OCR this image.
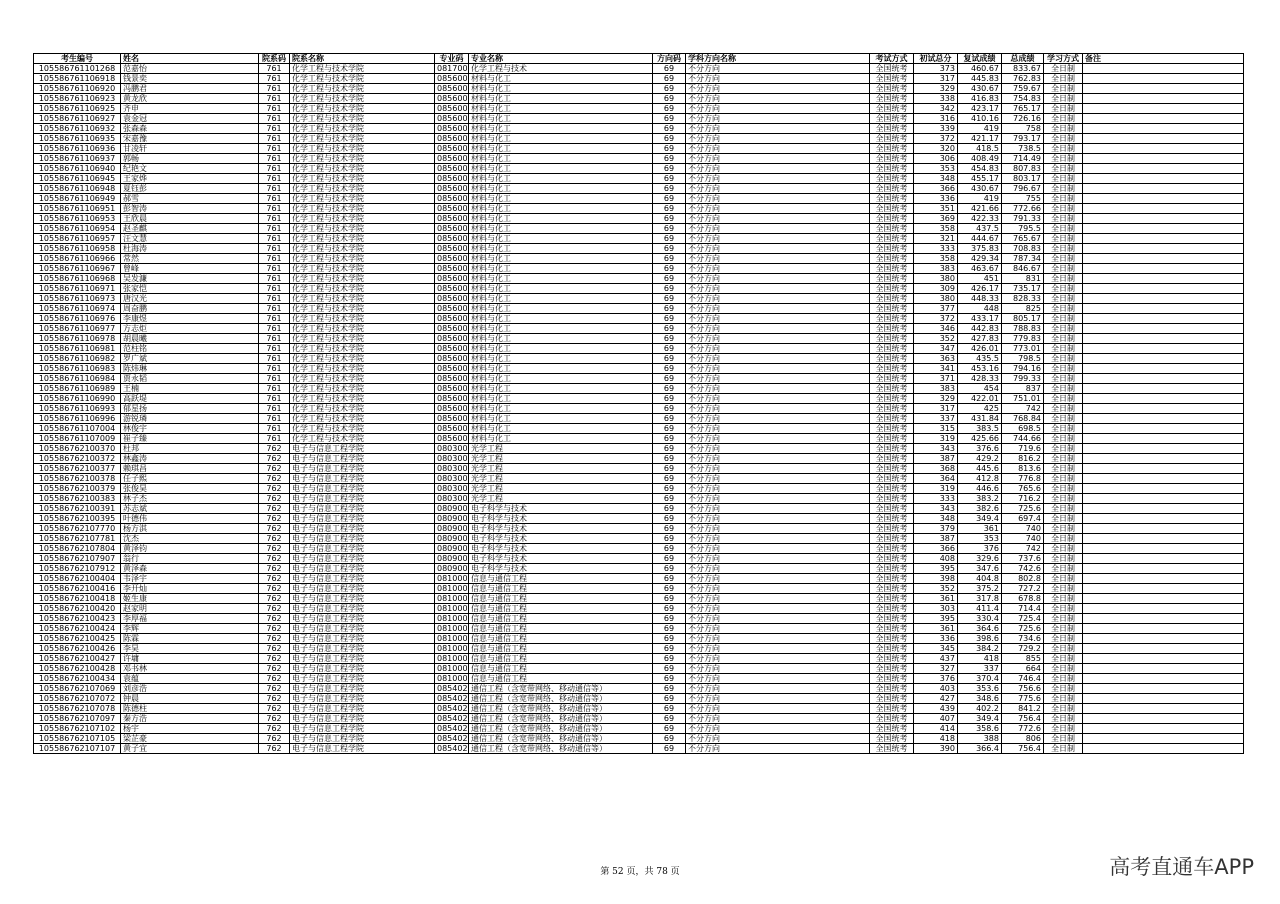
考生编号	姓名	院系码	院系名称	专业码	专业名称	方向码	学科方向名称	考试方式	初试总分	复试成绩	总成绩	学习方式	备注
105586761101268	范嘉怡	761	化学工程与技术学院	081700	化学工程与技术	69	不分方向	全国统考	373	460.67	833.67	全日制	
105586761106918	钱景奕	761	化学工程与技术学院	085600	材料与化工	69	不分方向	全国统考	317	445.83	762.83	全日制	
105586761106920	冯鹏君	761	化学工程与技术学院	085600	材料与化工	69	不分方向	全国统考	329	430.67	759.67	全日制	
105586761106923	黄龙欣	761	化学工程与技术学院	085600	材料与化工	69	不分方向	全国统考	338	416.83	754.83	全日制	
105586761106925	齐申	761	化学工程与技术学院	085600	材料与化工	69	不分方向	全国统考	342	423.17	765.17	全日制	
105586761106927	袁金冠	761	化学工程与技术学院	085600	材料与化工	69	不分方向	全国统考	316	410.16	726.16	全日制	
105586761106932	张森森	761	化学工程与技术学院	085600	材料与化工	69	不分方向	全国统考	339	419	758	全日制	
105586761106935	宋嘉豫	761	化学工程与技术学院	085600	材料与化工	69	不分方向	全国统考	372	421.17	793.17	全日制	
105586761106936	甘凌轩	761	化学工程与技术学院	085600	材料与化工	69	不分方向	全国统考	320	418.5	738.5	全日制	
105586761106937	郭畅	761	化学工程与技术学院	085600	材料与化工	69	不分方向	全国统考	306	408.49	714.49	全日制	
105586761106940	纪艳文	761	化学工程与技术学院	085600	材料与化工	69	不分方向	全国统考	353	454.83	807.83	全日制	
105586761106945	王家烨	761	化学工程与技术学院	085600	材料与化工	69	不分方向	全国统考	348	455.17	803.17	全日制	
105586761106948	夏钰彭	761	化学工程与技术学院	085600	材料与化工	69	不分方向	全国统考	366	430.67	796.67	全日制	
105586761106949	郝雪	761	化学工程与技术学院	085600	材料与化工	69	不分方向	全国统考	336	419	755	全日制	
105586761106951	彭智涛	761	化学工程与技术学院	085600	材料与化工	69	不分方向	全国统考	351	421.66	772.66	全日制	
105586761106953	王欣晨	761	化学工程与技术学院	085600	材料与化工	69	不分方向	全国统考	369	422.33	791.33	全日制	
105586761106954	赵圣麒	761	化学工程与技术学院	085600	材料与化工	69	不分方向	全国统考	358	437.5	795.5	全日制	
105586761106957	汪文慧	761	化学工程与技术学院	085600	材料与化工	69	不分方向	全国统考	321	444.67	765.67	全日制	
105586761106958	杜海涛	761	化学工程与技术学院	085600	材料与化工	69	不分方向	全国统考	333	375.83	708.83	全日制	
105586761106966	常然	761	化学工程与技术学院	085600	材料与化工	69	不分方向	全国统考	358	429.34	787.34	全日制	
105586761106967	曾峰	761	化学工程与技术学院	085600	材料与化工	69	不分方向	全国统考	383	463.67	846.67	全日制	
105586761106968	吴发濂	761	化学工程与技术学院	085600	材料与化工	69	不分方向	全国统考	380	451	831	全日制	
105586761106971	张家恺	761	化学工程与技术学院	085600	材料与化工	69	不分方向	全国统考	309	426.17	735.17	全日制	
105586761106973	唐汉光	761	化学工程与技术学院	085600	材料与化工	69	不分方向	全国统考	380	448.33	828.33	全日制	
105586761106974	周奋鹏	761	化学工程与技术学院	085600	材料与化工	69	不分方向	全国统考	377	448	825	全日制	
105586761106976	李康煜	761	化学工程与技术学院	085600	材料与化工	69	不分方向	全国统考	372	433.17	805.17	全日制	
105586761106977	方志炬	761	化学工程与技术学院	085600	材料与化工	69	不分方向	全国统考	346	442.83	788.83	全日制	
105586761106978	胡晨曦	761	化学工程与技术学院	085600	材料与化工	69	不分方向	全国统考	352	427.83	779.83	全日制	
105586761106981	范柱铭	761	化学工程与技术学院	085600	材料与化工	69	不分方向	全国统考	347	426.01	773.01	全日制	
105586761106982	罗广斌	761	化学工程与技术学院	085600	材料与化工	69	不分方向	全国统考	363	435.5	798.5	全日制	
105586761106983	陈炜琳	761	化学工程与技术学院	085600	材料与化工	69	不分方向	全国统考	341	453.16	794.16	全日制	
105586761106984	贾永韬	761	化学工程与技术学院	085600	材料与化工	69	不分方向	全国统考	371	428.33	799.33	全日制	
105586761106989	王楠	761	化学工程与技术学院	085600	材料与化工	69	不分方向	全国统考	383	454	837	全日制	
105586761106990	高跃堤	761	化学工程与技术学院	085600	材料与化工	69	不分方向	全国统考	329	422.01	751.01	全日制	
105586761106993	郁星扬	761	化学工程与技术学院	085600	材料与化工	69	不分方向	全国统考	317	425	742	全日制	
105586761106996	游锐璘	761	化学工程与技术学院	085600	材料与化工	69	不分方向	全国统考	337	431.84	768.84	全日制	
105586761107004	林俊宇	761	化学工程与技术学院	085600	材料与化工	69	不分方向	全国统考	315	383.5	698.5	全日制	
105586761107009	崔子臻	761	化学工程与技术学院	085600	材料与化工	69	不分方向	全国统考	319	425.66	744.66	全日制	
105586762100370	杜邦	762	电子与信息工程学院	080300	光学工程	69	不分方向	全国统考	343	376.6	719.6	全日制	
105586762100372	林鑫涛	762	电子与信息工程学院	080300	光学工程	69	不分方向	全国统考	387	429.2	816.2	全日制	
105586762100377	赖琪昌	762	电子与信息工程学院	080300	光学工程	69	不分方向	全国统考	368	445.6	813.6	全日制	
105586762100378	任子熙	762	电子与信息工程学院	080300	光学工程	69	不分方向	全国统考	364	412.8	776.8	全日制	
105586762100379	张俊昊	762	电子与信息工程学院	080300	光学工程	69	不分方向	全国统考	319	446.6	765.6	全日制	
105586762100383	林子杰	762	电子与信息工程学院	080300	光学工程	69	不分方向	全国统考	333	383.2	716.2	全日制	
105586762100391	苏志斌	762	电子与信息工程学院	080900	电子科学与技术	69	不分方向	全国统考	343	382.6	725.6	全日制	
105586762100395	叶德伟	762	电子与信息工程学院	080900	电子科学与技术	69	不分方向	全国统考	348	349.4	697.4	全日制	
105586762107770	杨方淇	762	电子与信息工程学院	080900	电子科学与技术	69	不分方向	全国统考	379	361	740	全日制	
105586762107781	沈杰	762	电子与信息工程学院	080900	电子科学与技术	69	不分方向	全国统考	387	353	740	全日制	
105586762107804	黄泽钧	762	电子与信息工程学院	080900	电子科学与技术	69	不分方向	全国统考	366	376	742	全日制	
105586762107907	翁行	762	电子与信息工程学院	080900	电子科学与技术	69	不分方向	全国统考	408	329.6	737.6	全日制	
105586762107912	黄泽森	762	电子与信息工程学院	080900	电子科学与技术	69	不分方向	全国统考	395	347.6	742.6	全日制	
105586762100404	韦泽宇	762	电子与信息工程学院	081000	信息与通信工程	69	不分方向	全国统考	398	404.8	802.8	全日制	
105586762100416	李开灿	762	电子与信息工程学院	081000	信息与通信工程	69	不分方向	全国统考	352	375.2	727.2	全日制	
105586762100418	姬生康	762	电子与信息工程学院	081000	信息与通信工程	69	不分方向	全国统考	361	317.8	678.8	全日制	
105586762100420	赵家明	762	电子与信息工程学院	081000	信息与通信工程	69	不分方向	全国统考	303	411.4	714.4	全日制	
105586762100423	李厚福	762	电子与信息工程学院	081000	信息与通信工程	69	不分方向	全国统考	395	330.4	725.4	全日制	
105586762100424	李辉	762	电子与信息工程学院	081000	信息与通信工程	69	不分方向	全国统考	361	364.6	725.6	全日制	
105586762100425	陈霖	762	电子与信息工程学院	081000	信息与通信工程	69	不分方向	全国统考	336	398.6	734.6	全日制	
105586762100426	李昊	762	电子与信息工程学院	081000	信息与通信工程	69	不分方向	全国统考	345	384.2	729.2	全日制	
105586762100427	许墉	762	电子与信息工程学院	081000	信息与通信工程	69	不分方向	全国统考	437	418	855	全日制	
105586762100428	邓书林	762	电子与信息工程学院	081000	信息与通信工程	69	不分方向	全国统考	327	337	664	全日制	
105586762100434	袁蕴	762	电子与信息工程学院	081000	信息与通信工程	69	不分方向	全国统考	376	370.4	746.4	全日制	
105586762107069	刘彦浩	762	电子与信息工程学院	085402	通信工程（含宽带网络、移动通信等）	69	不分方向	全国统考	403	353.6	756.6	全日制	
105586762107072	钟晨	762	电子与信息工程学院	085402	通信工程（含宽带网络、移动通信等）	69	不分方向	全国统考	427	348.6	775.6	全日制	
105586762107078	陈德柱	762	电子与信息工程学院	085402	通信工程（含宽带网络、移动通信等）	69	不分方向	全国统考	439	402.2	841.2	全日制	
105586762107097	秦方浩	762	电子与信息工程学院	085402	通信工程（含宽带网络、移动通信等）	69	不分方向	全国统考	407	349.4	756.4	全日制	
105586762107102	杨宇	762	电子与信息工程学院	085402	通信工程（含宽带网络、移动通信等）	69	不分方向	全国统考	414	358.6	772.6	全日制	
105586762107105	梁芷豪	762	电子与信息工程学院	085402	通信工程（含宽带网络、移动通信等）	69	不分方向	全国统考	418	388	806	全日制	
105586762107107	黄子宜	762	电子与信息工程学院	085402	通信工程（含宽带网络、移动通信等）	69	不分方向	全国统考	390	366.4	756.4	全日制	
第 52 页，共 78 页	高考直通车APP
